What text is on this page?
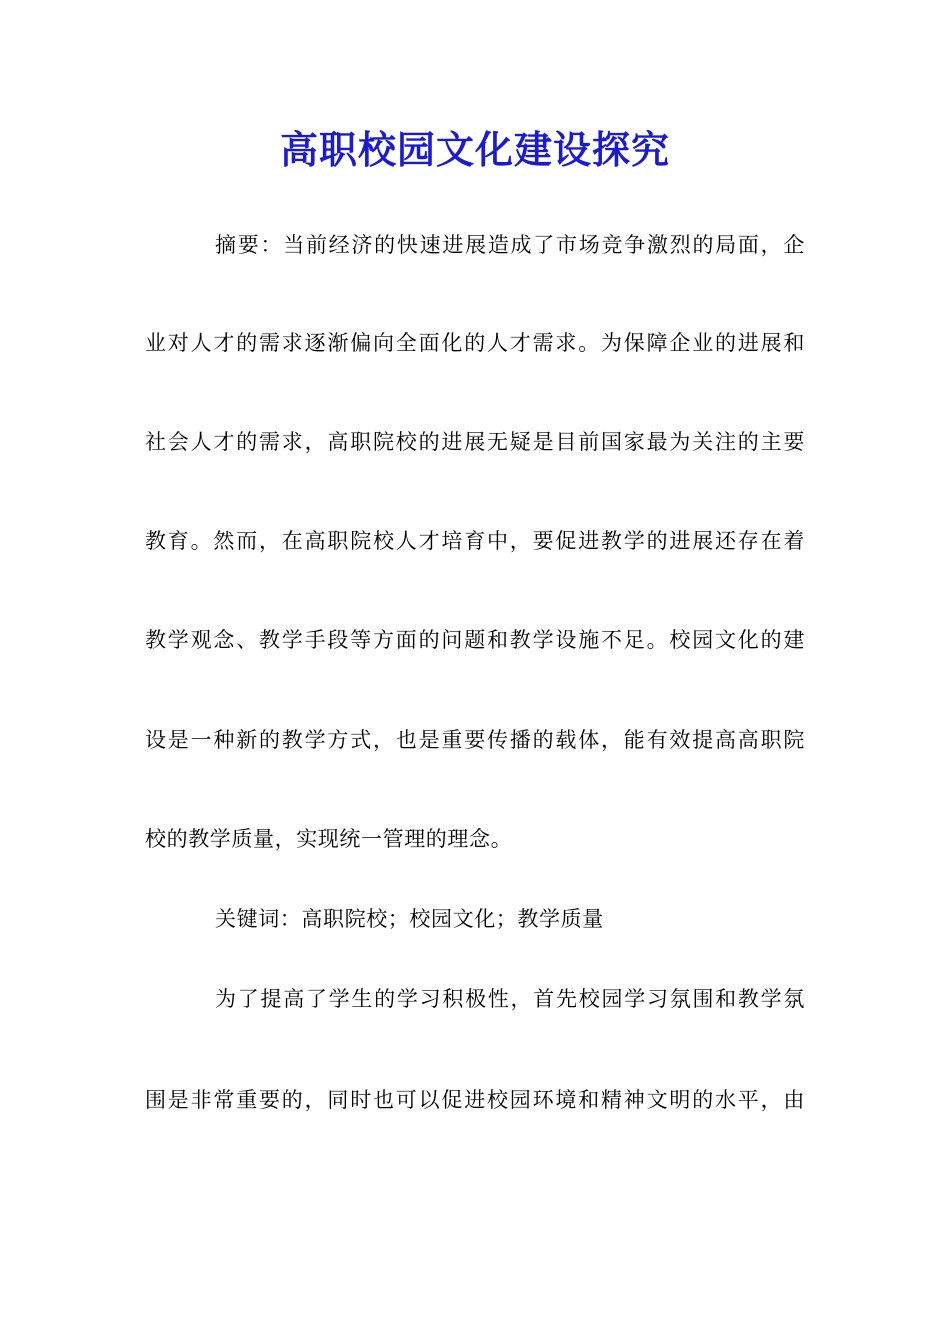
高职校园文化建设探究
摘要：当前经济的快速进展造成了市场竞争激烈的局面，企
业对人才的需求逐渐偏向全面化的人才需求。为保障企业的进展和
社会人才的需求，高职院校的进展无疑是目前国家最为关注的主要
教育。然而，在高职院校人才培育中，要促进教学的进展还存在着
教学观念、教学手段等方面的问题和教学设施不足。校园文化的建
设是一种新的教学方式，也是重要传播的载体，能有效提高高职院
校的教学质量，实现统一管理的理念。
关键词：高职院校；校园文化；教学质量
为了提高了学生的学习积极性，首先校园学习氛围和教学氛
围是非常重要的，同时也可以促进校园环境和精神文明的水平，由
